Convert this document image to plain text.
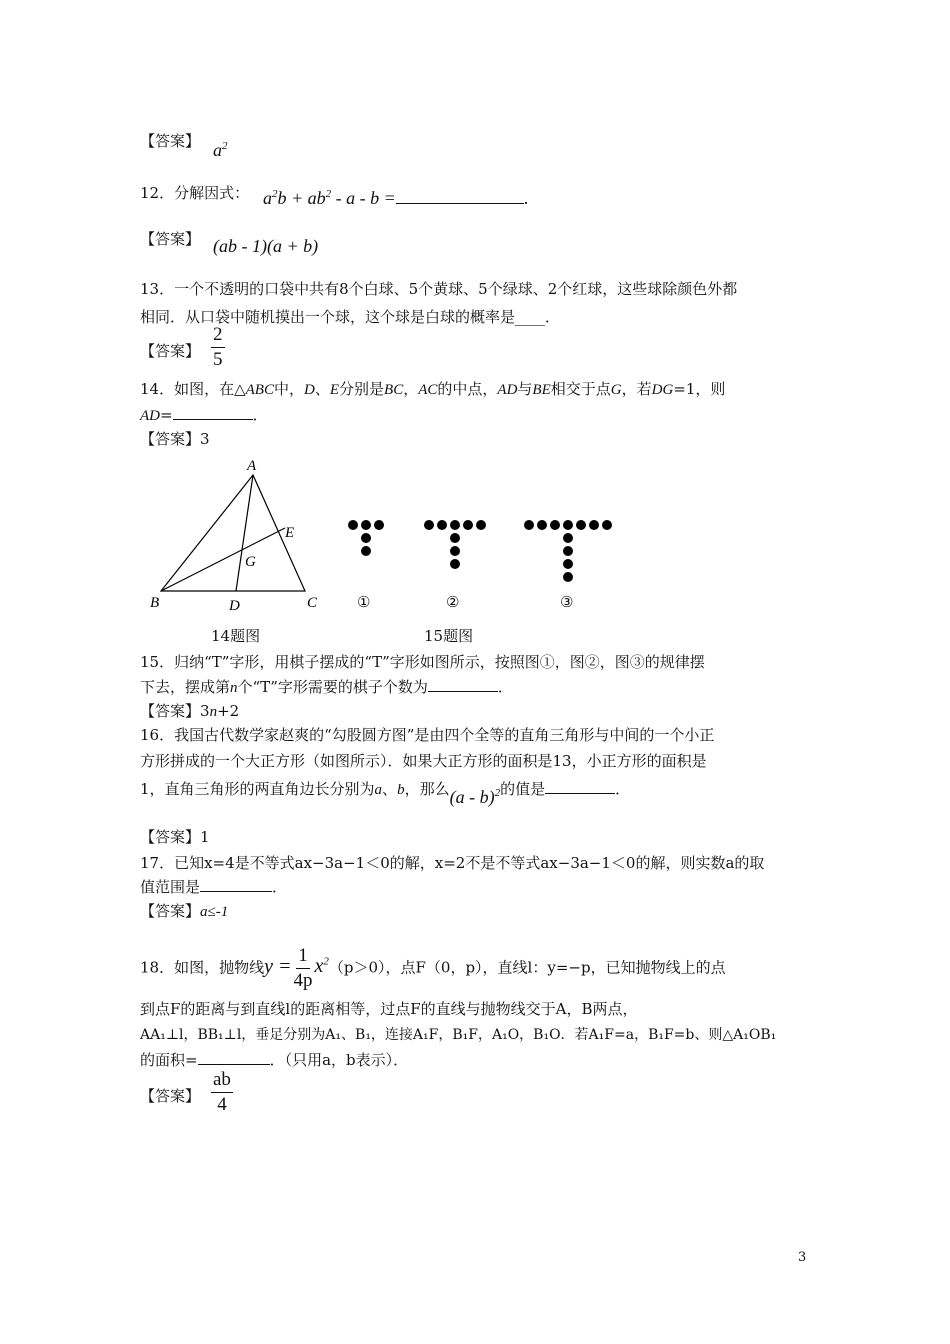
【答案】 $a^2$
12．分解因式： $a^2b + ab^2 - a - b$ =	.
【答案】 (ab - 1)(a + b)
13．一个不透明的口袋中共有8个白球、5个黄球、5个绿球、2个红球，这些球除颜色外都
相同．从口袋中随机摸出一个球，这个球是白球的概率是____．
【答案】 $\frac{2}{5}$
14．如图，在△ABC中，D、E分别是BC，AC的中点，AD与BE相交于点G，若DG=1，则
AD=	．
【答案】3
A
B	C
D
E
G
①	②	③
14题图	15题图
15．归纳“T”字形，用棋子摆成的“T”字形如图所示，按照图①，图②，图③的规律摆
下去，摆成第n个“T”字形需要的棋子个数为	．
【答案】3n+2
16．我国古代数学家赵爽的“勾股圆方图”是由四个全等的直角三角形与中间的一个小正
方形拼成的一个大正方形（如图所示）．如果大正方形的面积是13，小正方形的面积是
1，直角三角形的两直角边长分别为a、b，那么(a - b)$^2$的值是	．
【答案】1
17．已知x=4是不等式ax−3a−1＜0的解，x=2不是不等式ax−3a−1＜0的解，则实数a的取
值范围是	．
【答案】a≤-1
18．如图，抛物线$y = \frac{1}{4p} x^2(p>0)$，点F（0，p），直线l：y=−p，已知抛物线上的点
到点F的距离与到直线l的距离相等，过点F的直线与抛物线交于A，B两点，
AA₁⊥l，BB₁⊥l，垂足分别为A₁、B₁，连接A₁F，B₁F，A₁O，B₁O．若A₁F=a，B₁F=b、则△A₁OB₁
的面积=	．（只用a，b表示）．
【答案】 $\frac{ab}{4}$
3
